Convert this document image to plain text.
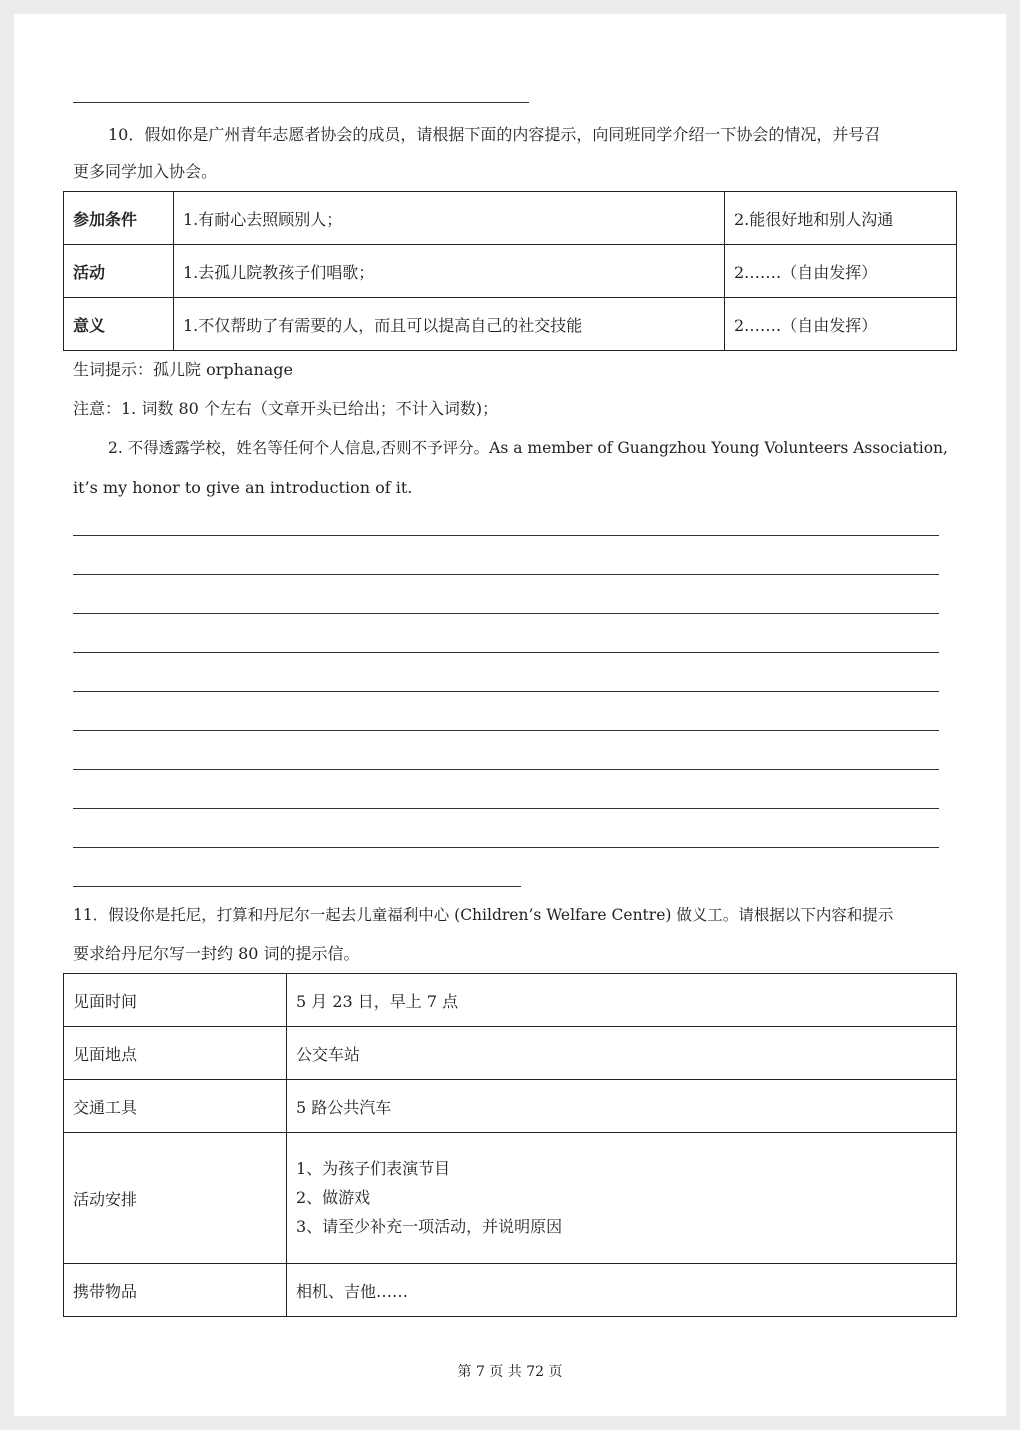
10．假如你是广州青年志愿者协会的成员，请根据下面的内容提示，向同班同学介绍一下协会的情况，并号召
更多同学加入协会。
参加条件	1.有耐心去照顾别人；	2.能很好地和别人沟通
活动	1.去孤儿院教孩子们唱歌；	2.……（自由发挥）
意义	1.不仅帮助了有需要的人，而且可以提高自己的社交技能	2.……（自由发挥）
生词提示：孤儿院 orphanage
注意：1. 词数 80 个左右（文章开头已给出；不计入词数)；
2. 不得透露学校，姓名等任何个人信息,否则不予评分。As a member of Guangzhou Young Volunteers Association,
it’s my honor to give an introduction of it.
11．假设你是托尼，打算和丹尼尔一起去儿童福利中心 (Children’s Welfare Centre) 做义工。请根据以下内容和提示
要求给丹尼尔写一封约 80 词的提示信。
见面时间	5 月 23 日，早上 7 点
见面地点	公交车站
交通工具	5 路公共汽车
活动安排	1、为孩子们表演节目
2、做游戏
3、请至少补充一项活动，并说明原因

携带物品	相机、吉他……
第 7 页 共 72 页
